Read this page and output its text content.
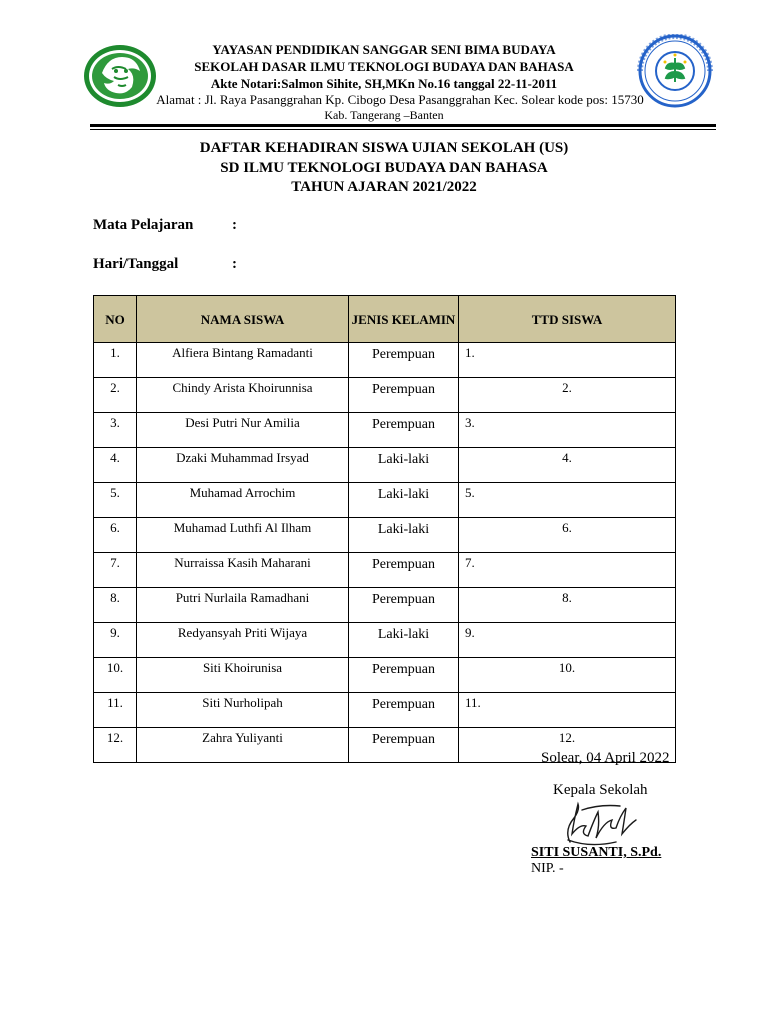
YAYASAN PENDIDIKAN SANGGAR SENI BIMA BUDAYA
SEKOLAH DASAR ILMU TEKNOLOGI BUDAYA DAN BAHASA
Akte Notari:Salmon Sihite, SH,MKn No.16 tanggal 22-11-2011
Alamat : Jl. Raya Pasanggrahan Kp. Cibogo Desa Pasanggrahan Kec. Solear kode pos: 15730
Kab. Tangerang –Banten
DAFTAR KEHADIRAN SISWA UJIAN SEKOLAH (US)
SD ILMU TEKNOLOGI BUDAYA DAN BAHASA
TAHUN AJARAN 2021/2022
Mata Pelajaran	:
Hari/Tanggal	:
NO	NAMA SISWA	JENIS KELAMIN	TTD SISWA
1.	Alfiera Bintang Ramadanti	Perempuan	1.
2.	Chindy Arista Khoirunnisa	Perempuan	2.
3.	Desi Putri Nur Amilia	Perempuan	3.
4.	Dzaki Muhammad Irsyad	Laki-laki	4.
5.	Muhamad Arrochim	Laki-laki	5.
6.	Muhamad Luthfi Al Ilham	Laki-laki	6.
7.	Nurraissa Kasih Maharani	Perempuan	7.
8.	Putri Nurlaila Ramadhani	Perempuan	8.
9.	Redyansyah Priti Wijaya	Laki-laki	9.
10.	Siti Khoirunisa	Perempuan	10.
11.	Siti Nurholipah	Perempuan	11.
12.	Zahra Yuliyanti	Perempuan	12.
Solear, 04 April 2022
Kepala Sekolah
SITI SUSANTI, S.Pd.
NIP. -
